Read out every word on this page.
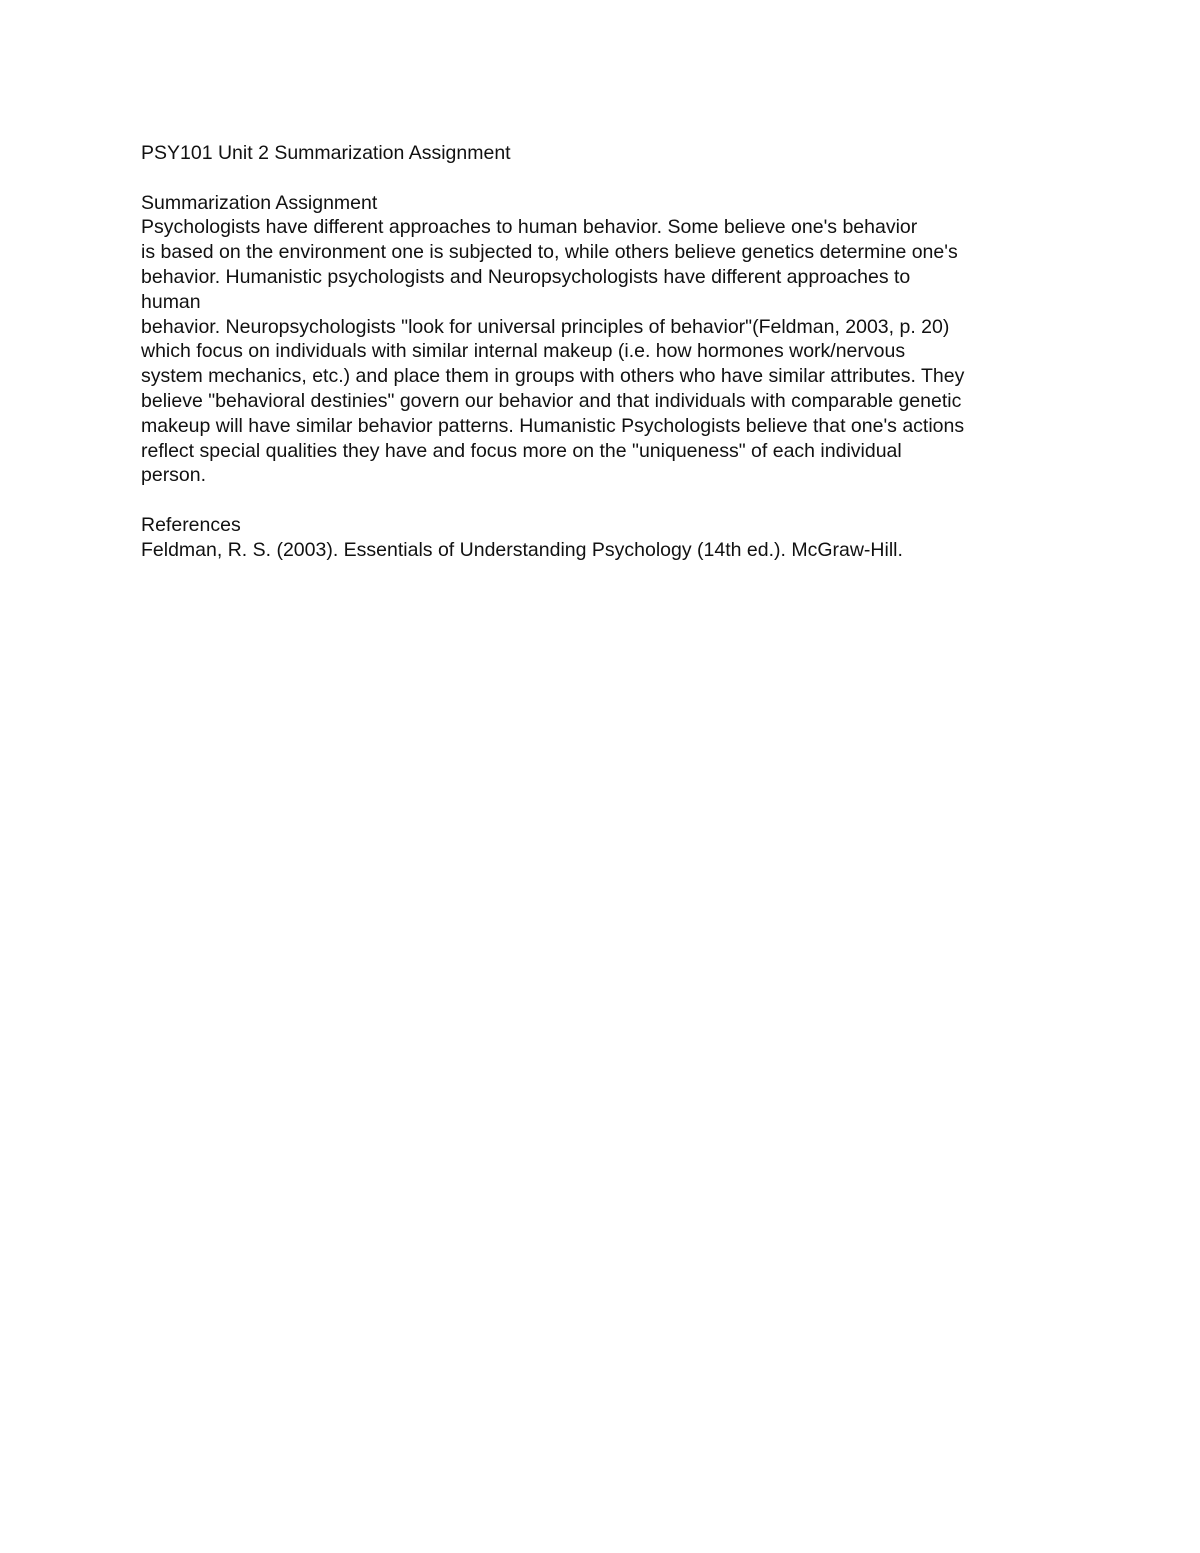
PSY101 Unit 2 Summarization Assignment
Summarization Assignment
Psychologists have different approaches to human behavior. Some believe one's behavior
is based on the environment one is subjected to, while others believe genetics determine one's
behavior. Humanistic psychologists and Neuropsychologists have different approaches to
human
behavior. Neuropsychologists "look for universal principles of behavior"(Feldman, 2003, p. 20)
which focus on individuals with similar internal makeup (i.e. how hormones work/nervous
system mechanics, etc.) and place them in groups with others who have similar attributes. They
believe "behavioral destinies" govern our behavior and that individuals with comparable genetic
makeup will have similar behavior patterns. Humanistic Psychologists believe that one's actions
reflect special qualities they have and focus more on the "uniqueness" of each individual
person.
References
Feldman, R. S. (2003). Essentials of Understanding Psychology (14th ed.). McGraw-Hill.
